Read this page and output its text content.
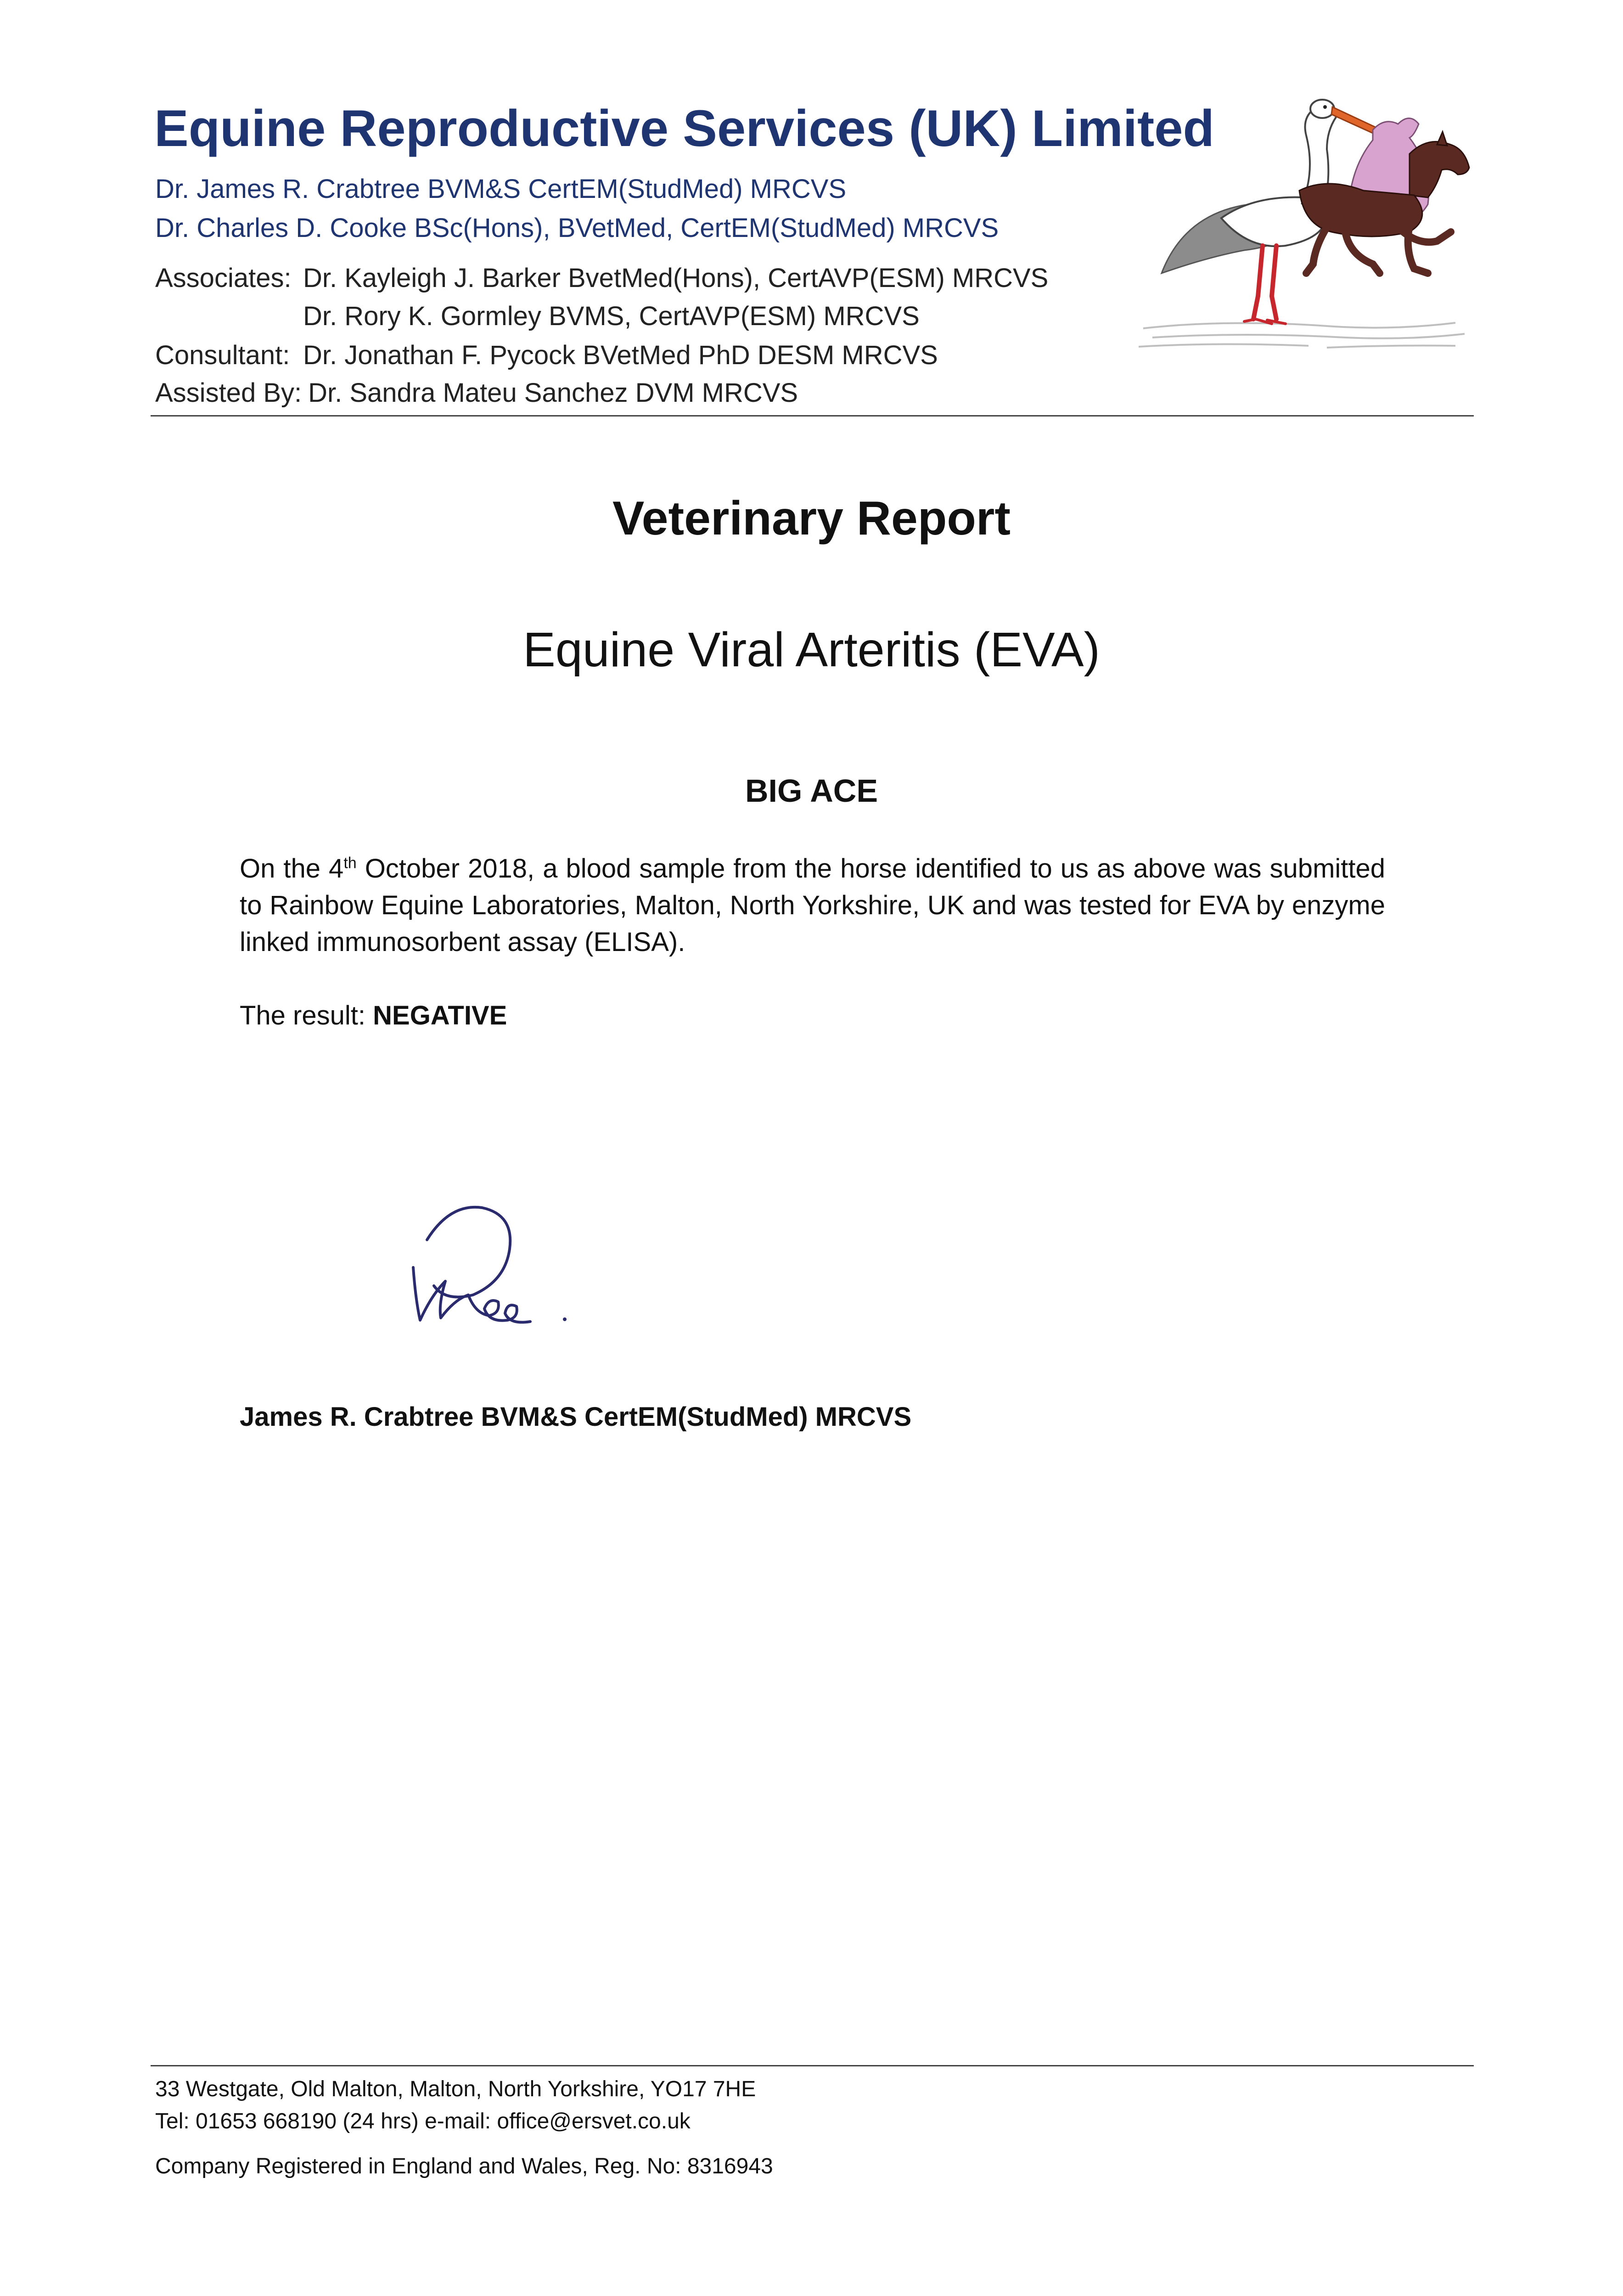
Equine Reproductive Services (UK) Limited
Dr. James R. Crabtree BVM&S CertEM(StudMed) MRCVS
Dr. Charles D. Cooke BSc(Hons), BVetMed, CertEM(StudMed) MRCVS
Associates: Dr. Kayleigh J. Barker BvetMed(Hons), CertAVP(ESM) MRCVS
Dr. Rory K. Gormley BVMS, CertAVP(ESM) MRCVS
Consultant: Dr. Jonathan F. Pycock BVetMed PhD DESM MRCVS
Assisted By: Dr. Sandra Mateu Sanchez DVM MRCVS
Veterinary Report
Equine Viral Arteritis (EVA)
BIG ACE
On the 4th October 2018, a blood sample from the horse identified to us as above was submitted to Rainbow Equine Laboratories, Malton, North Yorkshire, UK and was tested for EVA by enzyme linked immunosorbent assay (ELISA).
The result: NEGATIVE
James R. Crabtree BVM&S CertEM(StudMed) MRCVS
33 Westgate, Old Malton, Malton, North Yorkshire, YO17 7HE
Tel: 01653 668190 (24 hrs) e-mail: office@ersvet.co.uk
Company Registered in England and Wales, Reg. No: 8316943
